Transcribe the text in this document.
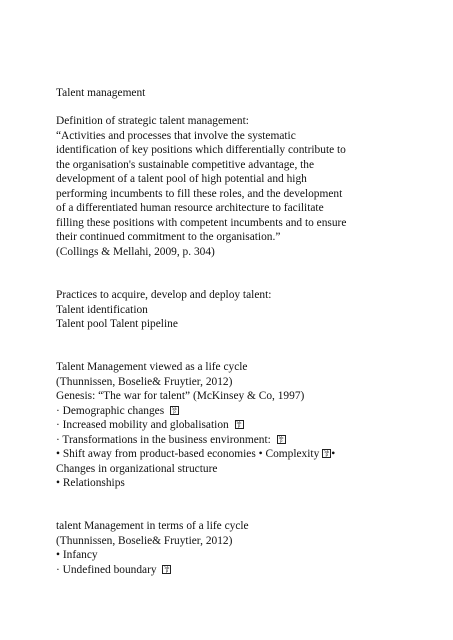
Talent management
Definition of strategic talent management:
“Activities and processes that involve the systematic
identification of key positions which differentially contribute to
the organisation's sustainable competitive advantage, the
development of a talent pool of high potential and high
performing incumbents to fill these roles, and the development
of a differentiated human resource architecture to facilitate
filling these positions with competent incumbents and to ensure
their continued commitment to the organisation.”
(Collings & Mellahi, 2009, p. 304)
Practices to acquire, develop and deploy talent:
Talent identification
Talent pool Talent pipeline
Talent Management viewed as a life cycle
(Thunnissen, Boselie& Fruytier, 2012)
Genesis: “The war for talent” (McKinsey & Co, 1997)
· Demographic changes SE P
· Increased mobility and globalisation SE P
· Transformations in the business environment: SE P
• Shift away from product-based economies • ComplexitySE P •
Changes in organizational structure
• Relationships
talent Management in terms of a life cycle
(Thunnissen, Boselie& Fruytier, 2012)
• Infancy
· Undefined boundary SE P
